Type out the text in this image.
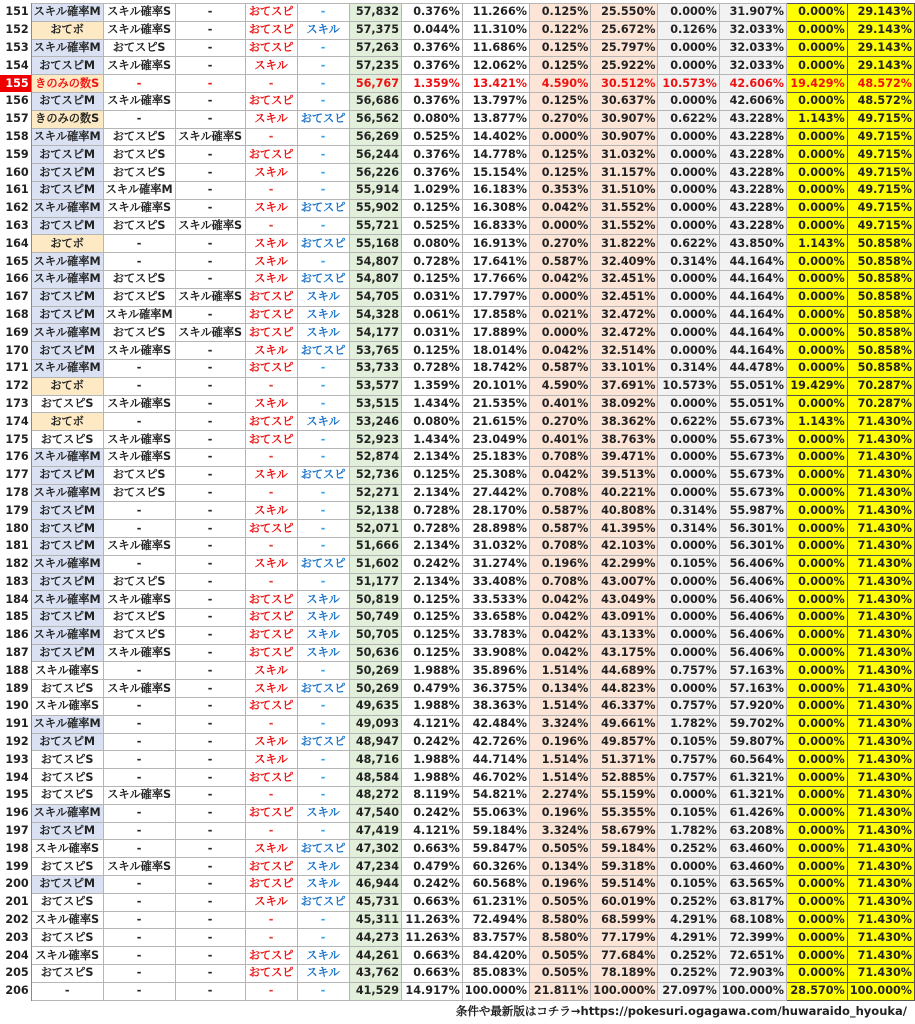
151	スキル確率M	スキル確率S	-	おてスピ	-	57,832	0.376%	11.266%	0.125%	25.550%	0.000%	31.907%	0.000%	29.143%
152	おてボ	スキル確率S	-	おてスピ	スキル	57,375	0.044%	11.310%	0.122%	25.672%	0.126%	32.033%	0.000%	29.143%
153	スキル確率M	おてスピS	-	おてスピ	-	57,263	0.376%	11.686%	0.125%	25.797%	0.000%	32.033%	0.000%	29.143%
154	おてスピM	スキル確率S	-	スキル	-	57,235	0.376%	12.062%	0.125%	25.922%	0.000%	32.033%	0.000%	29.143%
155	きのみの数S	-	-	-	-	56,767	1.359%	13.421%	4.590%	30.512%	10.573%	42.606%	19.429%	48.572%
156	おてスピM	スキル確率S	-	おてスピ	-	56,686	0.376%	13.797%	0.125%	30.637%	0.000%	42.606%	0.000%	48.572%
157	きのみの数S	-	-	スキル	おてスピ	56,562	0.080%	13.877%	0.270%	30.907%	0.622%	43.228%	1.143%	49.715%
158	スキル確率M	おてスピS	スキル確率S	-	-	56,269	0.525%	14.402%	0.000%	30.907%	0.000%	43.228%	0.000%	49.715%
159	おてスピM	おてスピS	-	おてスピ	-	56,244	0.376%	14.778%	0.125%	31.032%	0.000%	43.228%	0.000%	49.715%
160	おてスピM	おてスピS	-	スキル	-	56,226	0.376%	15.154%	0.125%	31.157%	0.000%	43.228%	0.000%	49.715%
161	おてスピM	スキル確率M	-	-	-	55,914	1.029%	16.183%	0.353%	31.510%	0.000%	43.228%	0.000%	49.715%
162	スキル確率M	スキル確率S	-	スキル	おてスピ	55,902	0.125%	16.308%	0.042%	31.552%	0.000%	43.228%	0.000%	49.715%
163	おてスピM	おてスピS	スキル確率S	-	-	55,721	0.525%	16.833%	0.000%	31.552%	0.000%	43.228%	0.000%	49.715%
164	おてボ	-	-	スキル	おてスピ	55,168	0.080%	16.913%	0.270%	31.822%	0.622%	43.850%	1.143%	50.858%
165	スキル確率M	-	-	スキル	-	54,807	0.728%	17.641%	0.587%	32.409%	0.314%	44.164%	0.000%	50.858%
166	スキル確率M	おてスピS	-	スキル	おてスピ	54,807	0.125%	17.766%	0.042%	32.451%	0.000%	44.164%	0.000%	50.858%
167	おてスピM	おてスピS	スキル確率S	おてスピ	スキル	54,705	0.031%	17.797%	0.000%	32.451%	0.000%	44.164%	0.000%	50.858%
168	おてスピM	スキル確率M	-	おてスピ	スキル	54,328	0.061%	17.858%	0.021%	32.472%	0.000%	44.164%	0.000%	50.858%
169	スキル確率M	おてスピS	スキル確率S	おてスピ	スキル	54,177	0.031%	17.889%	0.000%	32.472%	0.000%	44.164%	0.000%	50.858%
170	おてスピM	スキル確率S	-	スキル	おてスピ	53,765	0.125%	18.014%	0.042%	32.514%	0.000%	44.164%	0.000%	50.858%
171	スキル確率M	-	-	おてスピ	-	53,733	0.728%	18.742%	0.587%	33.101%	0.314%	44.478%	0.000%	50.858%
172	おてボ	-	-	-	-	53,577	1.359%	20.101%	4.590%	37.691%	10.573%	55.051%	19.429%	70.287%
173	おてスピS	スキル確率S	-	スキル	-	53,515	1.434%	21.535%	0.401%	38.092%	0.000%	55.051%	0.000%	70.287%
174	おてボ	-	-	おてスピ	スキル	53,246	0.080%	21.615%	0.270%	38.362%	0.622%	55.673%	1.143%	71.430%
175	おてスピS	スキル確率S	-	おてスピ	-	52,923	1.434%	23.049%	0.401%	38.763%	0.000%	55.673%	0.000%	71.430%
176	スキル確率M	スキル確率S	-	-	-	52,874	2.134%	25.183%	0.708%	39.471%	0.000%	55.673%	0.000%	71.430%
177	おてスピM	おてスピS	-	スキル	おてスピ	52,736	0.125%	25.308%	0.042%	39.513%	0.000%	55.673%	0.000%	71.430%
178	スキル確率M	おてスピS	-	-	-	52,271	2.134%	27.442%	0.708%	40.221%	0.000%	55.673%	0.000%	71.430%
179	おてスピM	-	-	スキル	-	52,138	0.728%	28.170%	0.587%	40.808%	0.314%	55.987%	0.000%	71.430%
180	おてスピM	-	-	おてスピ	-	52,071	0.728%	28.898%	0.587%	41.395%	0.314%	56.301%	0.000%	71.430%
181	おてスピM	スキル確率S	-	-	-	51,666	2.134%	31.032%	0.708%	42.103%	0.000%	56.301%	0.000%	71.430%
182	スキル確率M	-	-	スキル	おてスピ	51,602	0.242%	31.274%	0.196%	42.299%	0.105%	56.406%	0.000%	71.430%
183	おてスピM	おてスピS	-	-	-	51,177	2.134%	33.408%	0.708%	43.007%	0.000%	56.406%	0.000%	71.430%
184	スキル確率M	スキル確率S	-	おてスピ	スキル	50,819	0.125%	33.533%	0.042%	43.049%	0.000%	56.406%	0.000%	71.430%
185	おてスピM	おてスピS	-	おてスピ	スキル	50,749	0.125%	33.658%	0.042%	43.091%	0.000%	56.406%	0.000%	71.430%
186	スキル確率M	おてスピS	-	おてスピ	スキル	50,705	0.125%	33.783%	0.042%	43.133%	0.000%	56.406%	0.000%	71.430%
187	おてスピM	スキル確率S	-	おてスピ	スキル	50,636	0.125%	33.908%	0.042%	43.175%	0.000%	56.406%	0.000%	71.430%
188	スキル確率S	-	-	スキル	-	50,269	1.988%	35.896%	1.514%	44.689%	0.757%	57.163%	0.000%	71.430%
189	おてスピS	スキル確率S	-	スキル	おてスピ	50,269	0.479%	36.375%	0.134%	44.823%	0.000%	57.163%	0.000%	71.430%
190	スキル確率S	-	-	おてスピ	-	49,635	1.988%	38.363%	1.514%	46.337%	0.757%	57.920%	0.000%	71.430%
191	スキル確率M	-	-	-	-	49,093	4.121%	42.484%	3.324%	49.661%	1.782%	59.702%	0.000%	71.430%
192	おてスピM	-	-	スキル	おてスピ	48,947	0.242%	42.726%	0.196%	49.857%	0.105%	59.807%	0.000%	71.430%
193	おてスピS	-	-	スキル	-	48,716	1.988%	44.714%	1.514%	51.371%	0.757%	60.564%	0.000%	71.430%
194	おてスピS	-	-	おてスピ	-	48,584	1.988%	46.702%	1.514%	52.885%	0.757%	61.321%	0.000%	71.430%
195	おてスピS	スキル確率S	-	-	-	48,272	8.119%	54.821%	2.274%	55.159%	0.000%	61.321%	0.000%	71.430%
196	スキル確率M	-	-	おてスピ	スキル	47,540	0.242%	55.063%	0.196%	55.355%	0.105%	61.426%	0.000%	71.430%
197	おてスピM	-	-	-	-	47,419	4.121%	59.184%	3.324%	58.679%	1.782%	63.208%	0.000%	71.430%
198	スキル確率S	-	-	スキル	おてスピ	47,302	0.663%	59.847%	0.505%	59.184%	0.252%	63.460%	0.000%	71.430%
199	おてスピS	スキル確率S	-	おてスピ	スキル	47,234	0.479%	60.326%	0.134%	59.318%	0.000%	63.460%	0.000%	71.430%
200	おてスピM	-	-	おてスピ	スキル	46,944	0.242%	60.568%	0.196%	59.514%	0.105%	63.565%	0.000%	71.430%
201	おてスピS	-	-	スキル	おてスピ	45,731	0.663%	61.231%	0.505%	60.019%	0.252%	63.817%	0.000%	71.430%
202	スキル確率S	-	-	-	-	45,311	11.263%	72.494%	8.580%	68.599%	4.291%	68.108%	0.000%	71.430%
203	おてスピS	-	-	-	-	44,273	11.263%	83.757%	8.580%	77.179%	4.291%	72.399%	0.000%	71.430%
204	スキル確率S	-	-	おてスピ	スキル	44,261	0.663%	84.420%	0.505%	77.684%	0.252%	72.651%	0.000%	71.430%
205	おてスピS	-	-	おてスピ	スキル	43,762	0.663%	85.083%	0.505%	78.189%	0.252%	72.903%	0.000%	71.430%
206	-	-	-	-	-	41,529	14.917%	100.000%	21.811%	100.000%	27.097%	100.000%	28.570%	100.000%
条件や最新版はコチラ→https://pokesuri.ogagawa.com/huwaraido_hyouka/
